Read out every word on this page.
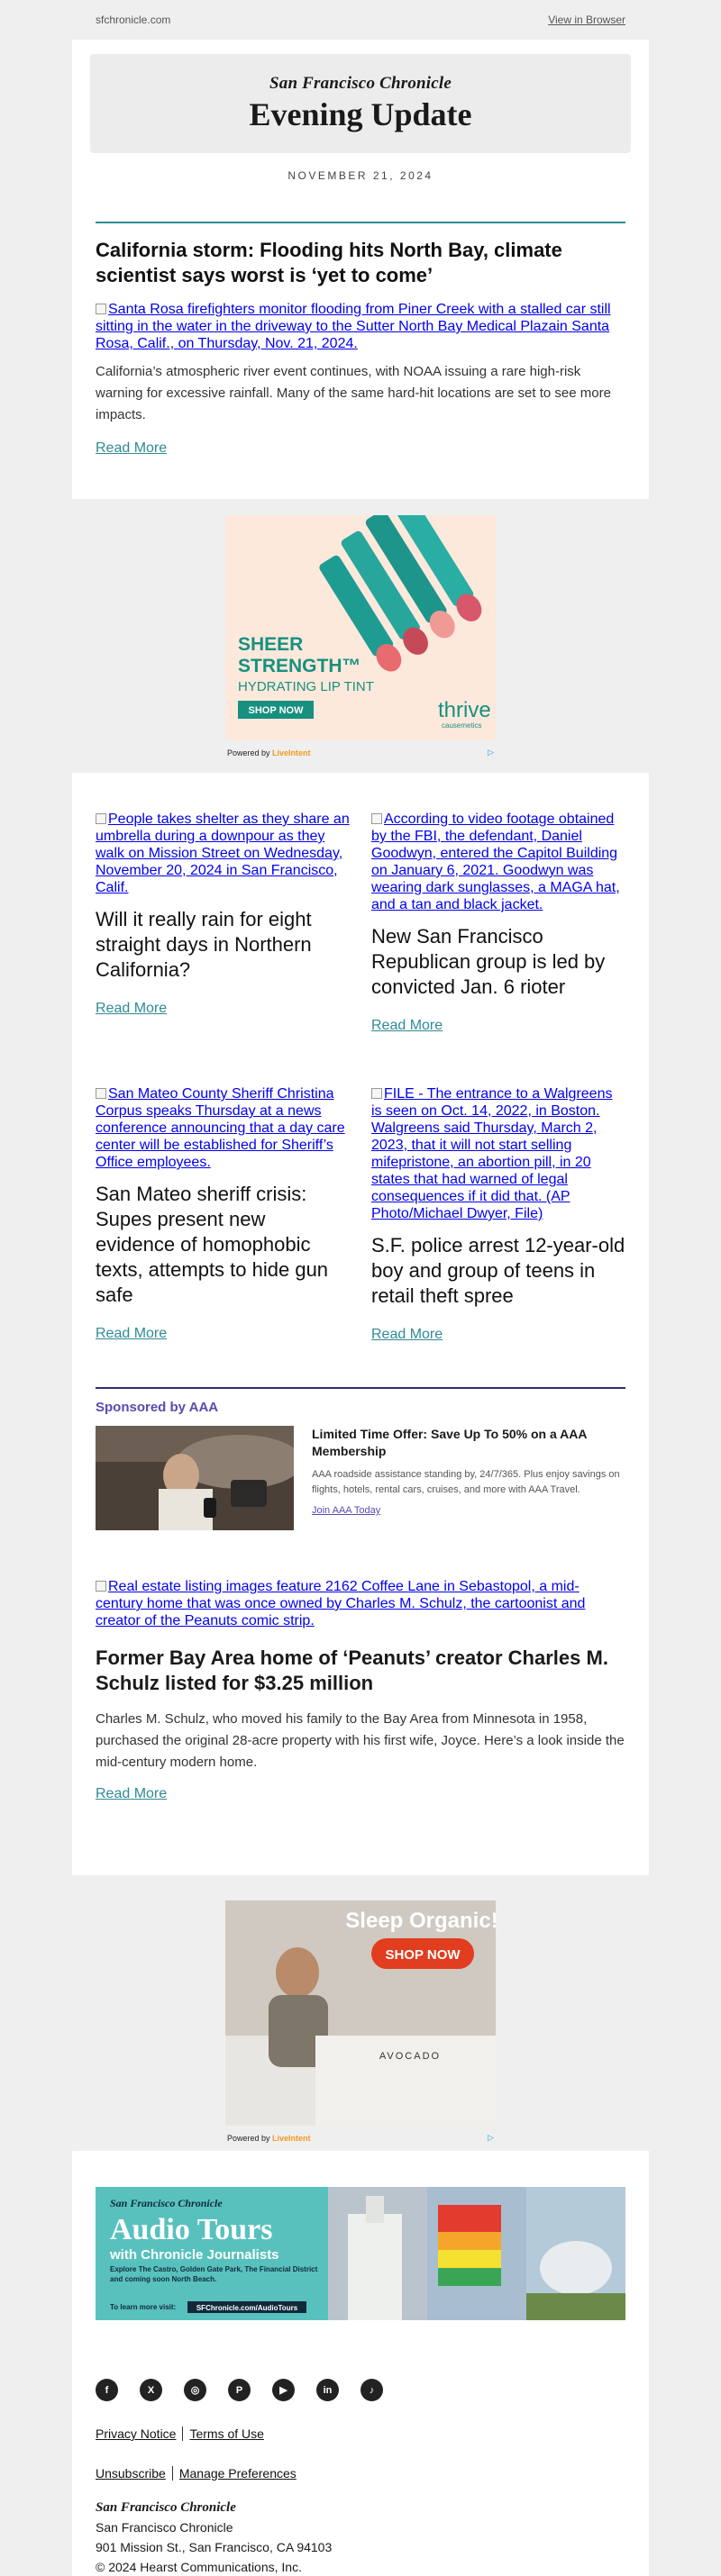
sfchronicle.com	View in Browser
San Francisco Chronicle
Evening Update
NOVEMBER 21, 2024
California storm: Flooding hits North Bay, climate scientist says worst is ‘yet to come’
Santa Rosa firefighters monitor flooding from Piner Creek with a stalled car still sitting in the water in the driveway to the Sutter North Bay Medical Plazain Santa Rosa, Calif., on Thursday, Nov. 21, 2024.

California’s atmospheric river event continues, with NOAA issuing a rare high-risk warning for excessive rainfall. Many of the same hard-hit locations are set to see more impacts.

Read More
SHEER
STRENGTH™
HYDRATING LIP TINT
SHOP NOW	thrive
causemetics
Powered by LiveIntent	▷
People takes shelter as they share an umbrella during a downpour as they walk on Mission Street on Wednesday, November 20, 2024 in San Francisco, Calif.
Will it really rain for eight straight days in Northern California?
Read More
According to video footage obtained by the FBI, the defendant, Daniel Goodwyn, entered the Capitol Building on January 6, 2021. Goodwyn was wearing dark sunglasses, a MAGA hat, and a tan and black jacket.
New San Francisco Republican group is led by convicted Jan. 6 rioter
Read More
San Mateo County Sheriff Christina Corpus speaks Thursday at a news conference announcing that a day care center will be established for Sheriff’s Office employees.
San Mateo sheriff crisis: Supes present new evidence of homophobic texts, attempts to hide gun safe
Read More
FILE - The entrance to a Walgreens is seen on Oct. 14, 2022, in Boston. Walgreens said Thursday, March 2, 2023, that it will not start selling mifepristone, an abortion pill, in 20 states that had warned of legal consequences if it did that. (AP Photo/Michael Dwyer, File)
S.F. police arrest 12-year-old boy and group of teens in retail theft spree
Read More
Sponsored by AAA
Limited Time Offer: Save Up To 50% on a AAA Membership
AAA roadside assistance standing by, 24/7/365. Plus enjoy savings on flights, hotels, rental cars, cruises, and more with AAA Travel.
Join AAA Today
Real estate listing images feature 2162 Coffee Lane in Sebastopol, a mid-century home that was once owned by Charles M. Schulz, the cartoonist and creator of the Peanuts comic strip.
Former Bay Area home of ‘Peanuts’ creator Charles M. Schulz listed for $3.25 million

Charles M. Schulz, who moved his family to the Bay Area from Minnesota in 1958, purchased the original 28-acre property with his first wife, Joyce. Here’s a look inside the mid-century modern home.

Read More
Sleep Organic!
SHOP NOW
AVOCADO
Powered by LiveIntent	▷
San Francisco Chronicle
Audio Tours
with Chronicle Journalists
Explore The Castro, Golden Gate Park, The Financial District and coming soon North Beach.
To learn more visit:	SFChronicle.com/AudioTours
f	X	◎	P	▶	in	♪
Privacy Notice Terms of Use
Unsubscribe Manage Preferences
San Francisco Chronicle
San Francisco Chronicle
901 Mission St., San Francisco, CA 94103
© 2024 Hearst Communications, Inc.
